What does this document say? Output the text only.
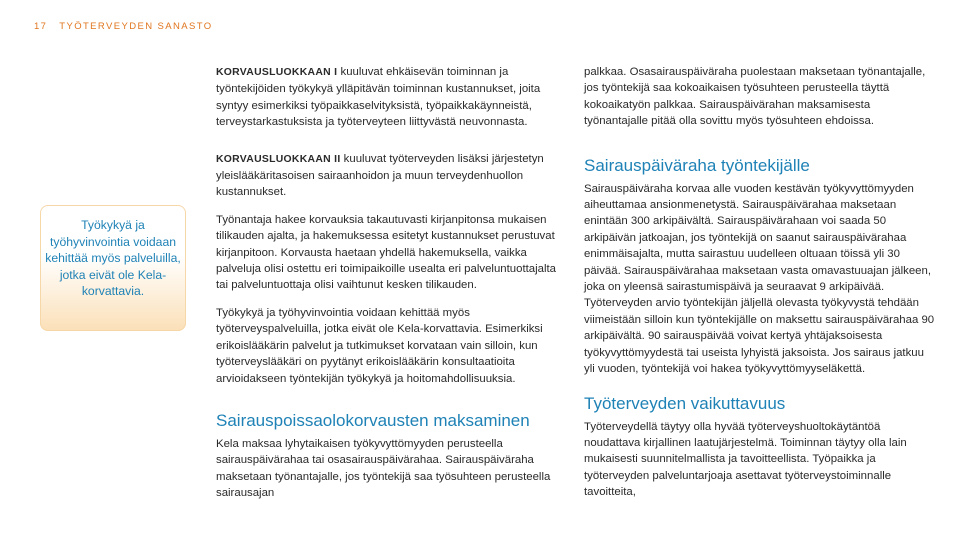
17 TYÖTERVEYDEN SANASTO
Työkykyä ja työhyvinvointia voidaan kehittää myös palveluilla, jotka eivät ole Kela-korvattavia.

KORVAUSLUOKKAAN I kuuluvat ehkäisevän toiminnan ja työntekijöiden työkykyä ylläpitävän toiminnan kustannukset, joita syntyy esimerkiksi työpaikkaselvityksistä, työpaikkakäynneistä, terveystarkastuksista ja työterveyteen liittyvästä neuvonnasta.

KORVAUSLUOKKAAN II kuuluvat työterveyden lisäksi järjestetyn yleislääkäritasoisen sairaanhoidon ja muun terveydenhuollon kustannukset.

Työnantaja hakee korvauksia takautuvasti kirjanpitonsa mukaisen tilikauden ajalta, ja hakemuksessa esitetyt kustannukset perustuvat kirjanpitoon. Korvausta haetaan yhdellä hakemuksella, vaikka palveluja olisi ostettu eri toimipaikoille usealta eri palveluntuottajalta tai palveluntuottaja olisi vaihtunut kesken tilikauden.

Työkykyä ja työhyvinvointia voidaan kehittää myös työterveyspalveluilla, jotka eivät ole Kela-korvattavia. Esimerkiksi erikoislääkärin palvelut ja tutkimukset korvataan vain silloin, kun työterveyslääkäri on pyytänyt erikoislääkärin konsultaatioita arvioidakseen työntekijän työkykyä ja hoitomahdollisuuksia.

Sairauspoissaolokorvausten maksaminen

Kela maksaa lyhytaikaisen työkyvyttömyyden perusteella sairauspäivärahaa tai osasairauspäivärahaa. Sairauspäiväraha maksetaan työnantajalle, jos työntekijä saa työsuhteen perusteella sairausajan

palkkaa. Osasairauspäiväraha puolestaan maksetaan työnantajalle, jos työntekijä saa kokoaikaisen työsuhteen perusteella täyttä kokoaikatyön palkkaa. Sairauspäivärahan maksamisesta työnantajalle pitää olla sovittu myös työsuhteen ehdoissa.

Sairauspäiväraha työntekijälle

Sairauspäiväraha korvaa alle vuoden kestävän työkyvyttömyyden aiheuttamaa ansionmenetystä. Sairauspäivärahaa maksetaan enintään 300 arkipäivältä. Sairauspäivärahaan voi saada 50 arkipäivän jatkoajan, jos työntekijä on saanut sairauspäivärahaa enimmäisajalta, mutta sairastuu uudelleen oltuaan töissä yli 30 päivää. Sairauspäivärahaa maksetaan vasta omavastuuajan jälkeen, joka on yleensä sairastumispäivä ja seuraavat 9 arkipäivää. Työterveyden arvio työntekijän jäljellä olevasta työkyvystä tehdään viimeistään silloin kun työntekijälle on maksettu sairauspäivärahaa 90 arkipäivältä. 90 sairauspäivää voivat kertyä yhtäjaksoisesta työkyvyttömyydestä tai useista lyhyistä jaksoista. Jos sairaus jatkuu yli vuoden, työntekijä voi hakea työkyvyttömyyseläkettä.

Työterveyden vaikuttavuus

Työterveydellä täytyy olla hyvää työterveyshuoltokäytäntöä noudattava kirjallinen laatujärjestelmä. Toiminnan täytyy olla lain mukaisesti suunnitelmallista ja tavoitteellista. Työpaikka ja työterveyden palveluntarjoaja asettavat työterveystoiminnalle tavoitteita,
